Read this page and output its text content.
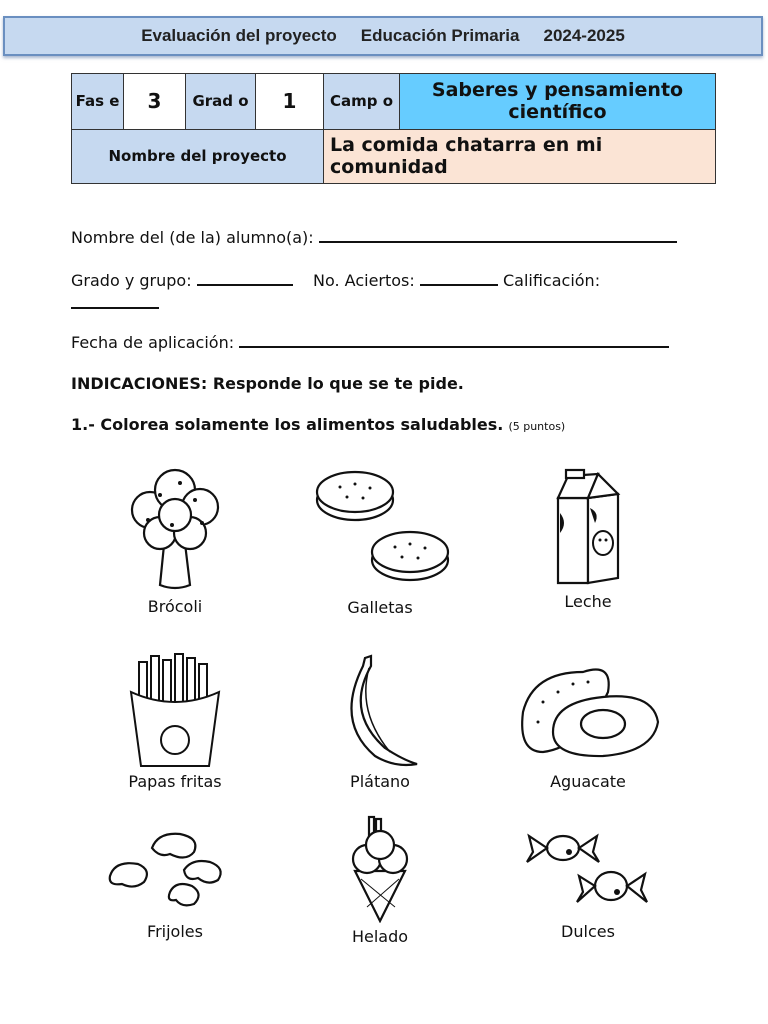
Evaluación del proyecto Educación Primaria 2024-2025
Fas e	3	Grad o	1	Camp o	Saberes y pensamiento científico
Nombre del proyecto				La comida chatarra en mi comunidad	
Nombre del (de la) alumno(a):
Grado y grupo:	No. Aciertos:	Calificación:
Fecha de aplicación:
INDICACIONES: Responde lo que se te pide.
1.- Colorea solamente los alimentos saludables. (5 puntos)
Brócoli	Galletas	Leche
Papas fritas	Plátano	Aguacate
Frijoles	Helado	Dulces
